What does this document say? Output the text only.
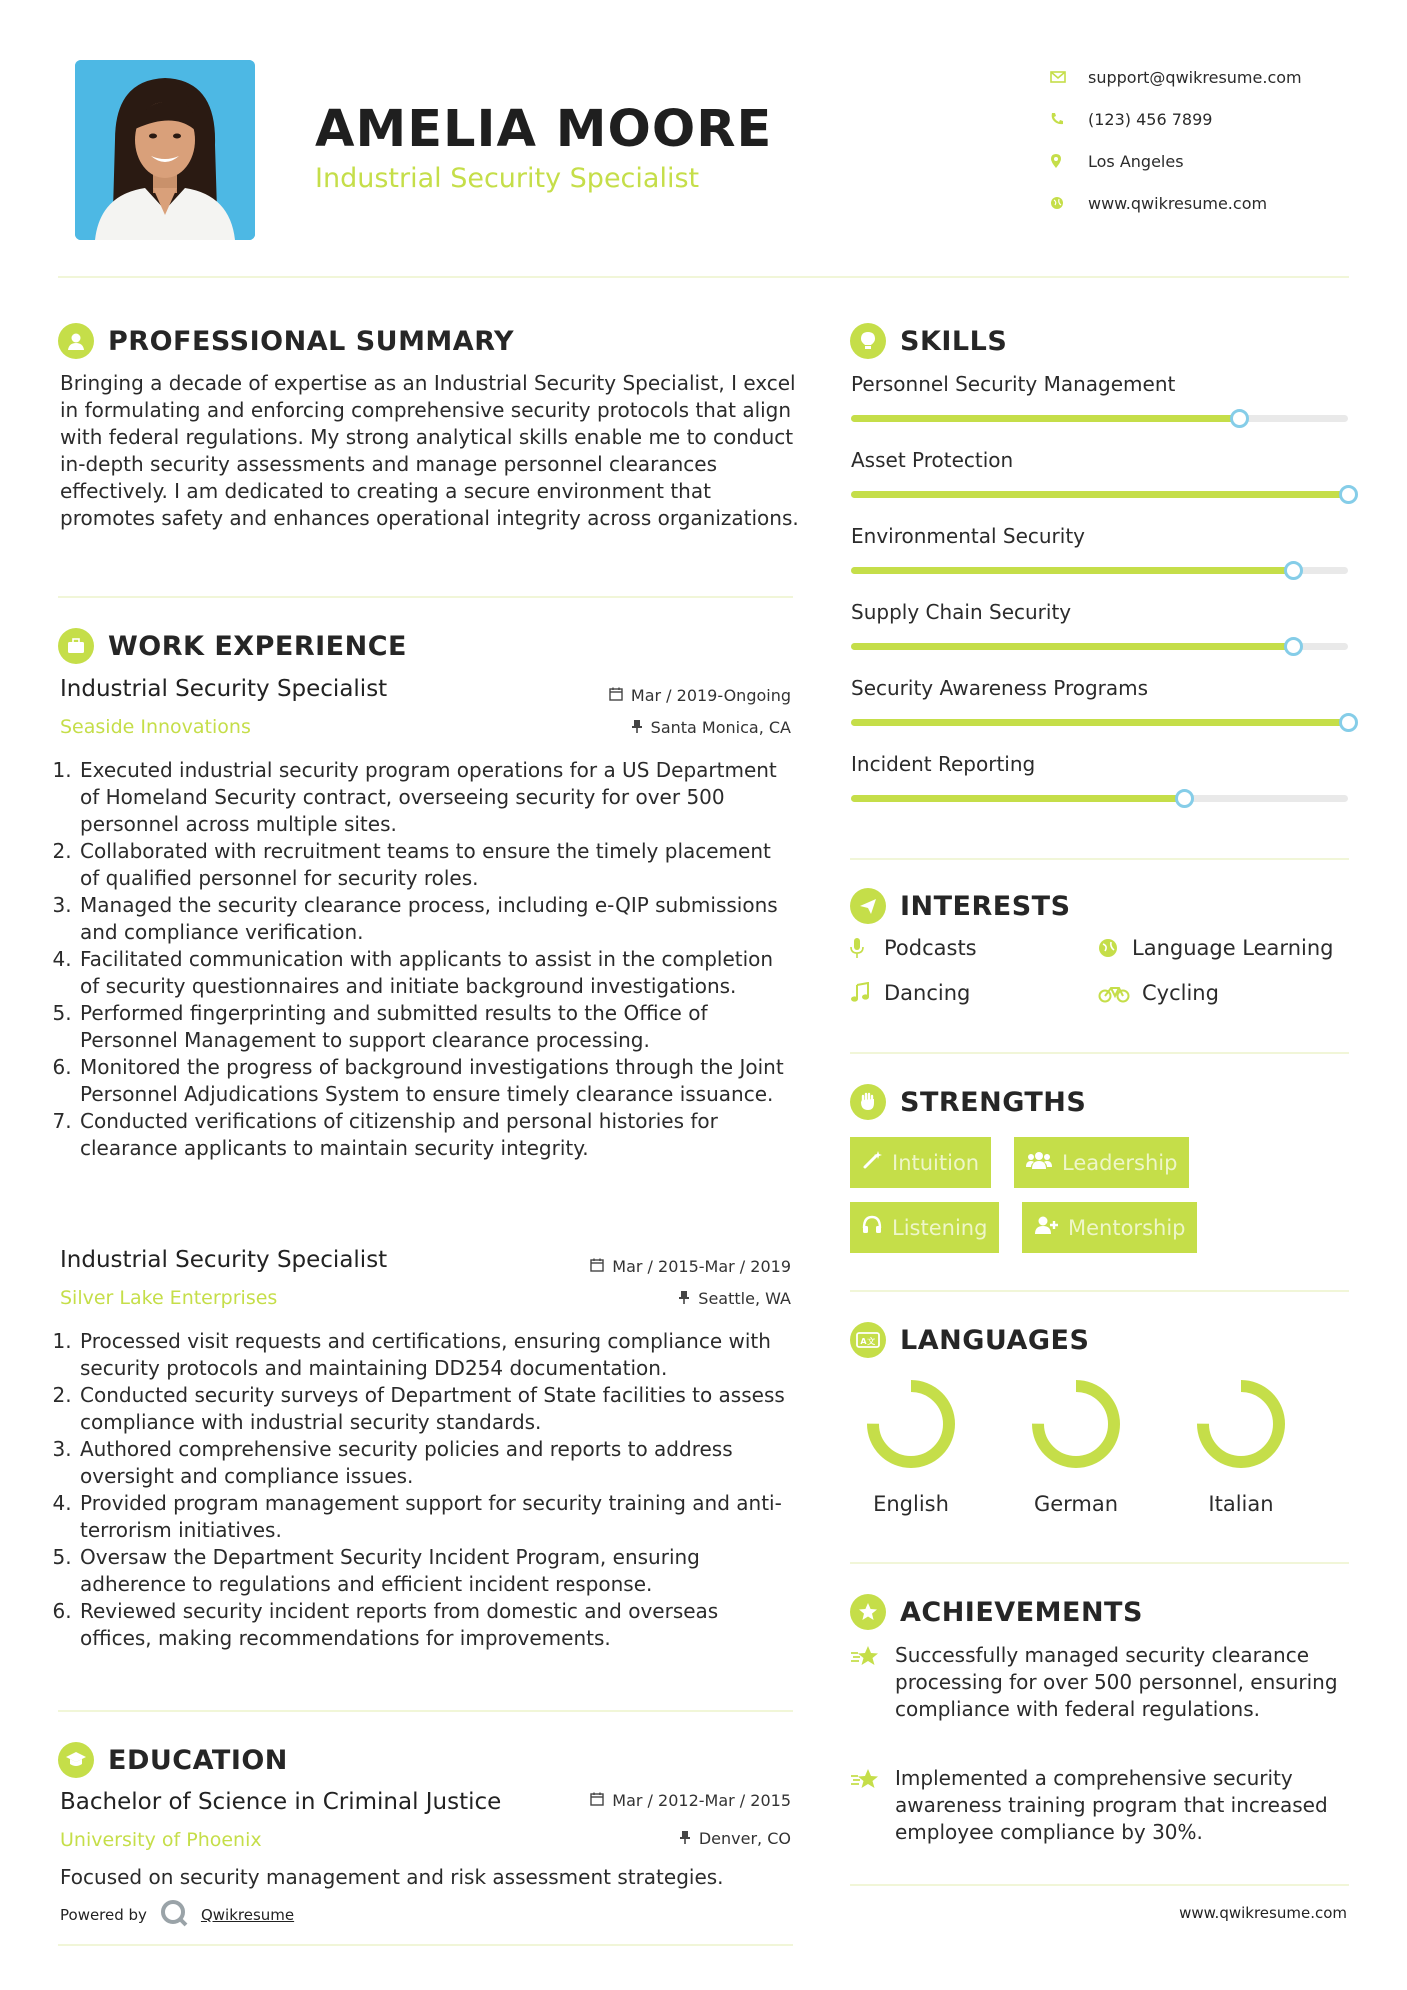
AMELIA MOORE
Industrial Security Specialist
support@qwikresume.com
(123) 456 7899
Los Angeles
www.qwikresume.com
PROFESSIONAL SUMMARY
Bringing a decade of expertise as an Industrial Security Specialist, I excel in formulating and enforcing comprehensive security protocols that align with federal regulations. My strong analytical skills enable me to conduct in-depth security assessments and manage personnel clearances effectively. I am dedicated to creating a secure environment that promotes safety and enhances operational integrity across organizations.
WORK EXPERIENCE
Industrial Security Specialist	Mar / 2019-Ongoing
Seaside Innovations	Santa Monica, CA
1. Executed industrial security program operations for a US Department of Homeland Security contract, overseeing security for over 500 personnel across multiple sites.
2. Collaborated with recruitment teams to ensure the timely placement of qualified personnel for security roles.
3. Managed the security clearance process, including e-QIP submissions and compliance verification.
4. Facilitated communication with applicants to assist in the completion of security questionnaires and initiate background investigations.
5. Performed fingerprinting and submitted results to the Office of Personnel Management to support clearance processing.
6. Monitored the progress of background investigations through the Joint Personnel Adjudications System to ensure timely clearance issuance.
7. Conducted verifications of citizenship and personal histories for clearance applicants to maintain security integrity.
Industrial Security Specialist	Mar / 2015-Mar / 2019
Silver Lake Enterprises	Seattle, WA
1. Processed visit requests and certifications, ensuring compliance with security protocols and maintaining DD254 documentation.
2. Conducted security surveys of Department of State facilities to assess compliance with industrial security standards.
3. Authored comprehensive security policies and reports to address oversight and compliance issues.
4. Provided program management support for security training and anti-terrorism initiatives.
5. Oversaw the Department Security Incident Program, ensuring adherence to regulations and efficient incident response.
6. Reviewed security incident reports from domestic and overseas offices, making recommendations for improvements.
EDUCATION
Bachelor of Science in Criminal Justice	Mar / 2012-Mar / 2015
University of Phoenix	Denver, CO
Focused on security management and risk assessment strategies.
SKILLS
Personnel Security Management
Asset Protection
Environmental Security
Supply Chain Security
Security Awareness Programs
Incident Reporting
INTERESTS
Podcasts	Language Learning
Dancing	Cycling
STRENGTHS
Intuition	Leadership
Listening	Mentorship
A文 LANGUAGES
English	German	Italian
ACHIEVEMENTS
Successfully managed security clearance processing for over 500 personnel, ensuring compliance with federal regulations.
Implemented a comprehensive security awareness training program that increased employee compliance by 30%.
Powered by	Qwikresume	www.qwikresume.com
